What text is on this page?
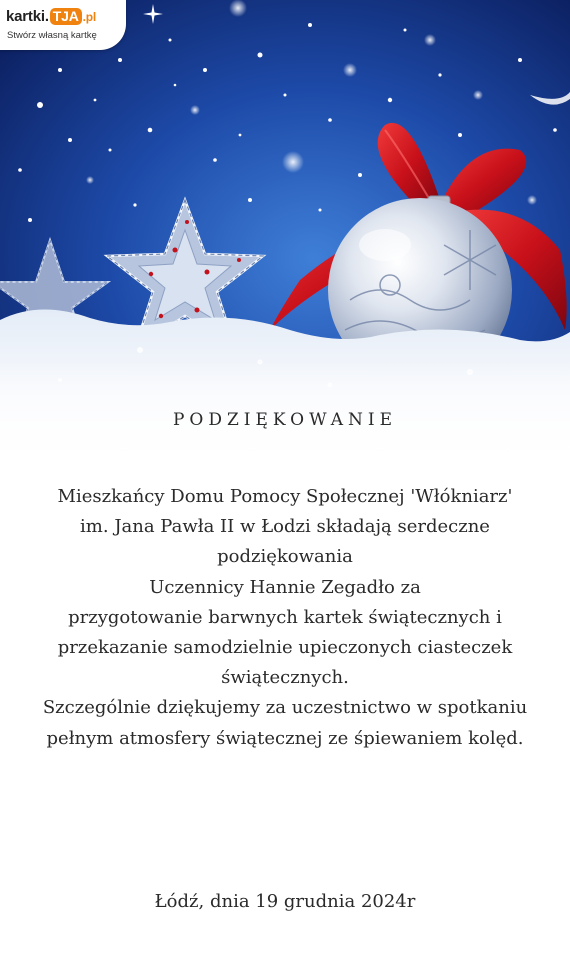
kartki. TJA .pl
Stwórz własną kartkę
PODZIĘKOWANIE
Mieszkańcy Domu Pomocy Społecznej 'Włókniarz'
im. Jana Pawła II w Łodzi składają serdeczne
podziękowania
Uczennicy Hannie Zegadło za
przygotowanie barwnych kartek świątecznych i
przekazanie samodzielnie upieczonych ciasteczek
świątecznych.
Szczególnie dziękujemy za uczestnictwo w spotkaniu
pełnym atmosfery świątecznej ze śpiewaniem kolęd.
Łódź, dnia 19 grudnia 2024r
